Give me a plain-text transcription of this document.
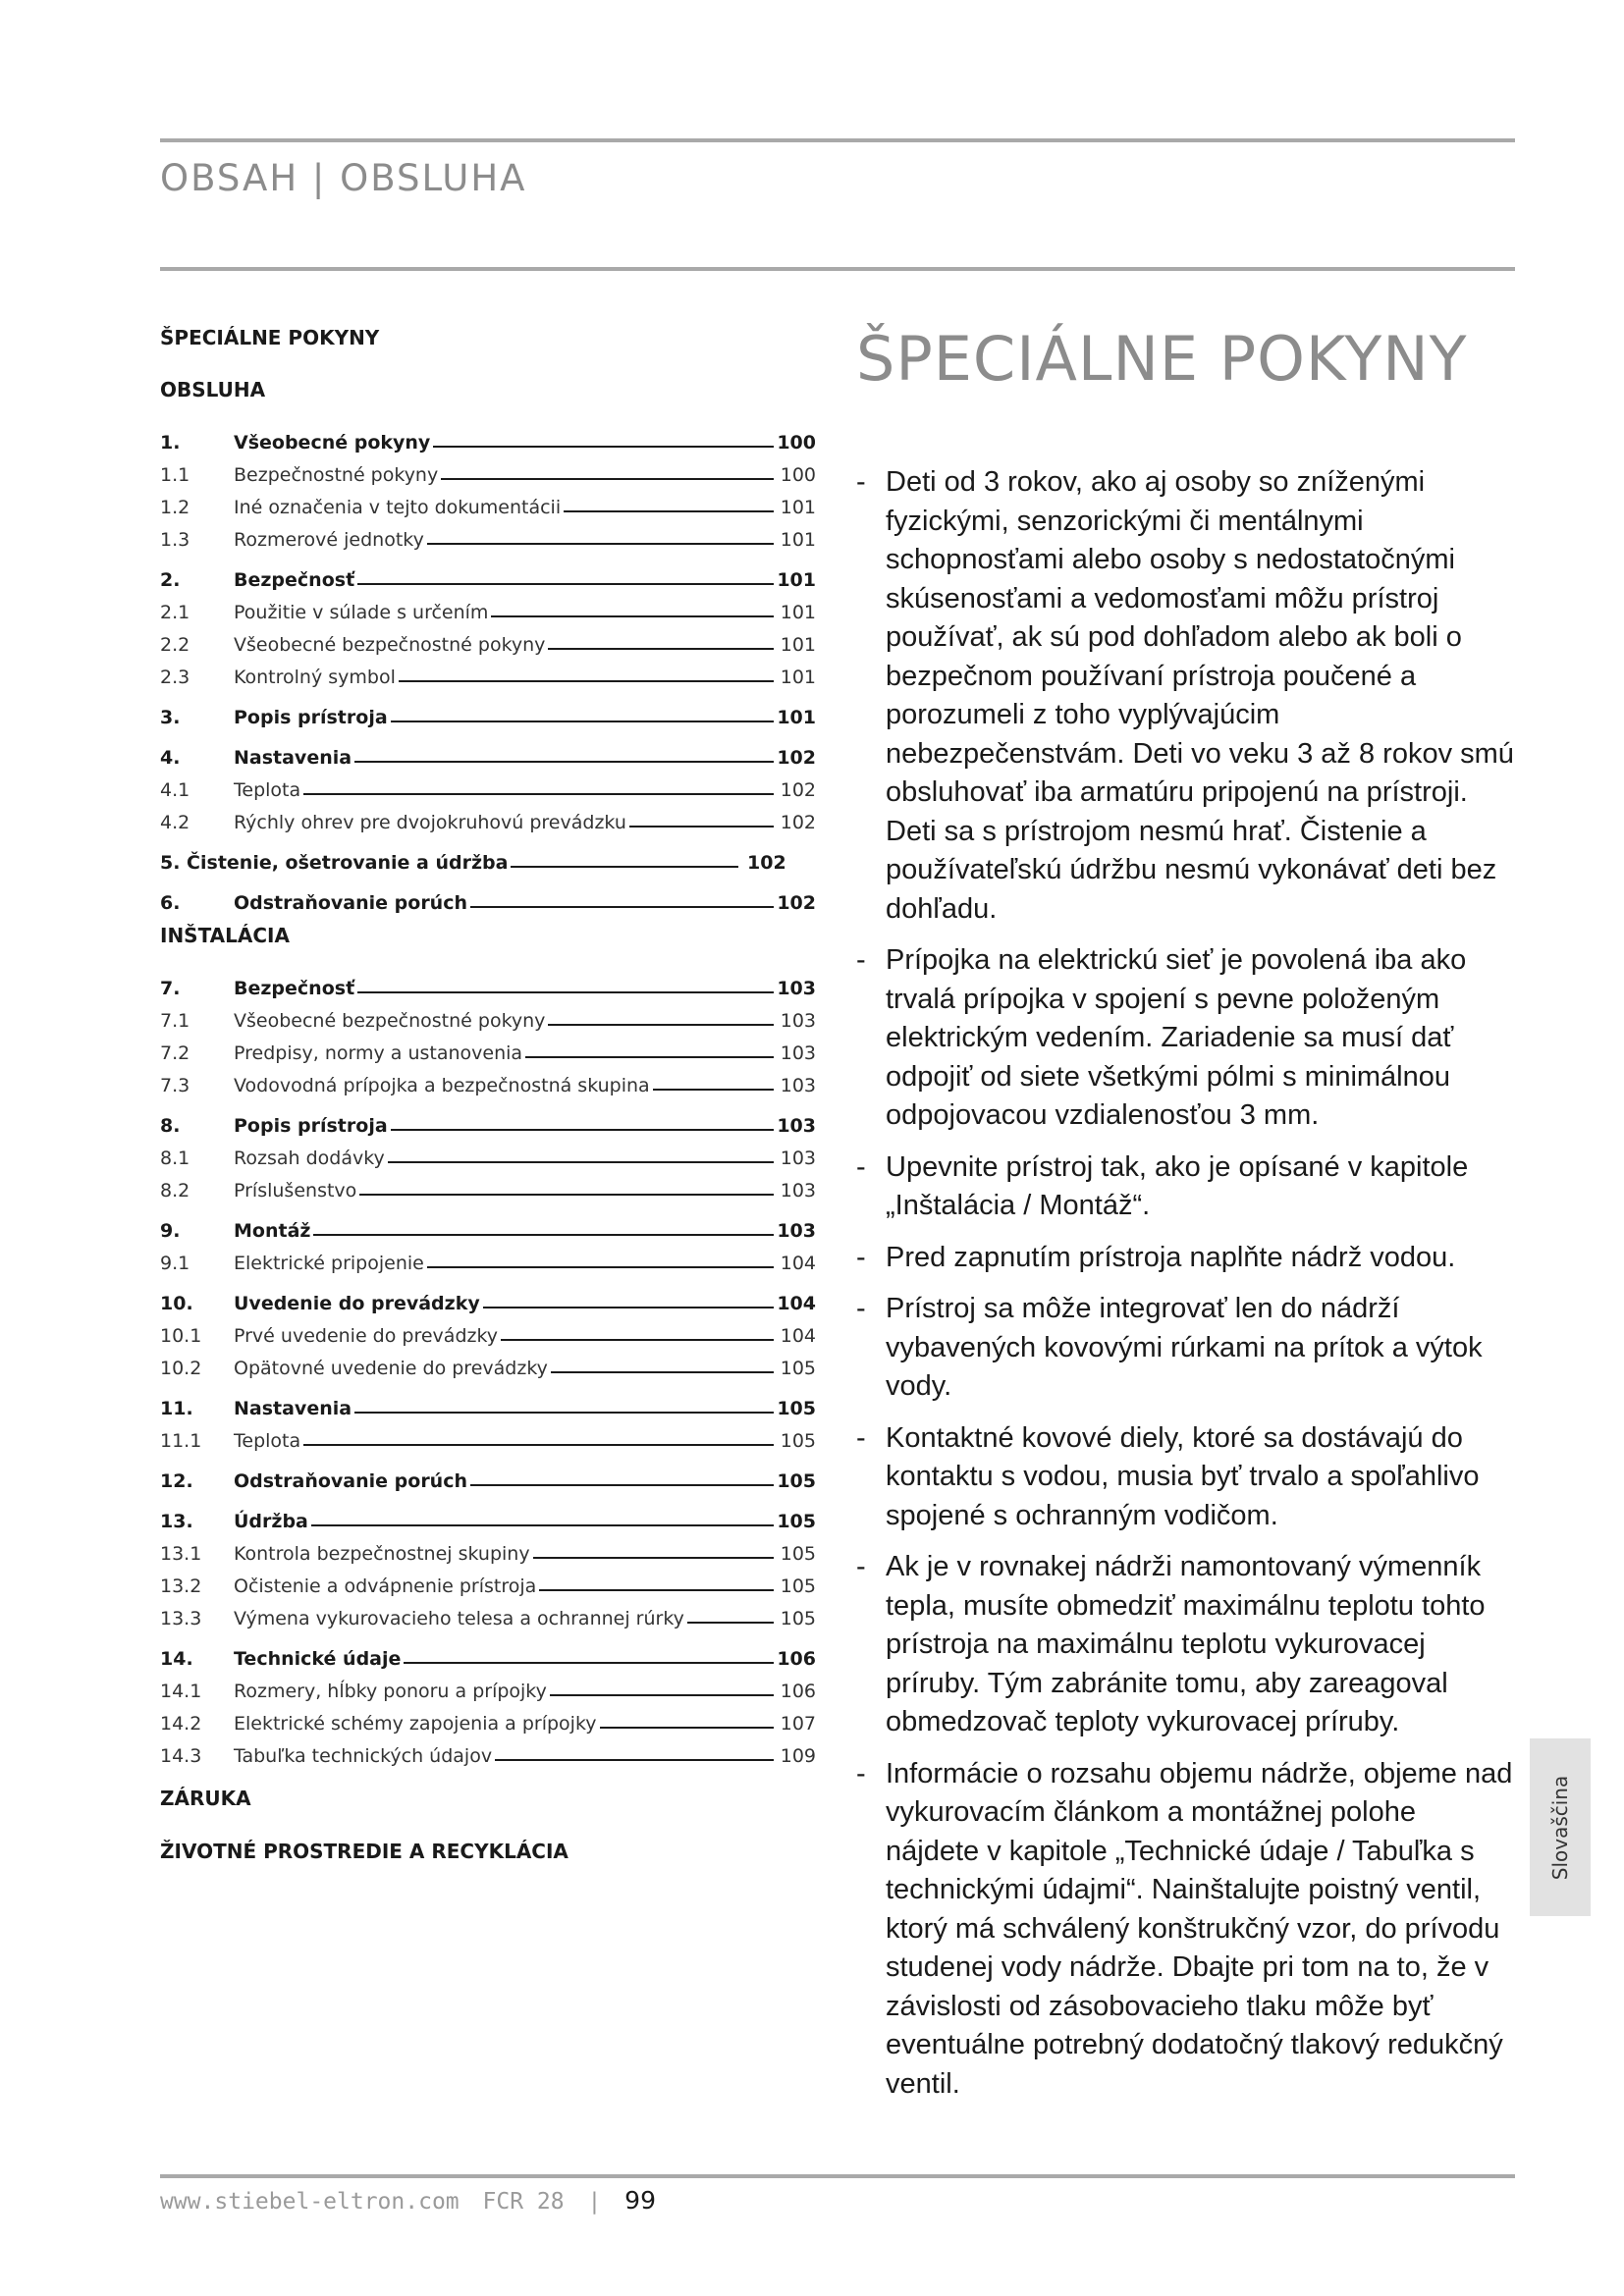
OBSAH | OBSLUHA
ŠPECIÁLNE POKYNY
OBSLUHA
1.	Všeobecné pokyny	100
1.1	Bezpečnostné pokyny	100
1.2	Iné označenia v tejto dokumentácii	101
1.3	Rozmerové jednotky	101
2.	Bezpečnosť	101
2.1	Použitie v súlade s určením	101
2.2	Všeobecné bezpečnostné pokyny	101
2.3	Kontrolný symbol	101
3.	Popis prístroja	101
4.	Nastavenia	102
4.1	Teplota	102
4.2	Rýchly ohrev pre dvojokruhovú prevádzku	102
5. Čistenie, ošetrovanie a údržba	102
6.	Odstraňovanie porúch	102
INŠTALÁCIA
7.	Bezpečnosť	103
7.1	Všeobecné bezpečnostné pokyny	103
7.2	Predpisy, normy a ustanovenia	103
7.3	Vodovodná prípojka a bezpečnostná skupina	103
8.	Popis prístroja	103
8.1	Rozsah dodávky	103
8.2	Príslušenstvo	103
9.	Montáž	103
9.1	Elektrické pripojenie	104
10.	Uvedenie do prevádzky	104
10.1	Prvé uvedenie do prevádzky	104
10.2	Opätovné uvedenie do prevádzky	105
11.	Nastavenia	105
11.1	Teplota	105
12.	Odstraňovanie porúch	105
13.	Údržba	105
13.1	Kontrola bezpečnostnej skupiny	105
13.2	Očistenie a odvápnenie prístroja	105
13.3	Výmena vykurovacieho telesa a ochrannej rúrky	105
14.	Technické údaje	106
14.1	Rozmery, hĺbky ponoru a prípojky	106
14.2	Elektrické schémy zapojenia a prípojky	107
14.3	Tabuľka technických údajov	109
ZÁRUKA
ŽIVOTNÉ PROSTREDIE A RECYKLÁCIA
ŠPECIÁLNE POKYNY
- Deti od 3 rokov, ako aj osoby so zníženými fyzickými, senzorickými či mentálnymi schopnosťami alebo osoby s nedostatočnými skúsenosťami a vedomosťami môžu prístroj používať, ak sú pod dohľadom alebo ak boli o bezpečnom používaní prístroja poučené a porozumeli z toho vyplývajúcim nebezpečenstvám. Deti vo veku 3 až 8 rokov smú obsluhovať iba armatúru pripojenú na prístroji. Deti sa s prístrojom nesmú hrať. Čistenie a používateľskú údržbu nesmú vykonávať deti bez dohľadu.
- Prípojka na elektrickú sieť je povolená iba ako trvalá prípojka v spojení s pevne položeným elektrickým vedením. Zariadenie sa musí dať odpojiť od siete všetkými pólmi s minimálnou odpojovacou vzdialenosťou 3 mm.
- Upevnite prístroj tak, ako je opísané v kapitole „Inštalácia / Montáž“.
- Pred zapnutím prístroja naplňte nádrž vodou.
- Prístroj sa môže integrovať len do nádrží vybavených kovovými rúrkami na prítok a výtok vody.
- Kontaktné kovové diely, ktoré sa dostávajú do kontaktu s vodou, musia byť trvalo a spoľahlivo spojené s ochranným vodičom.
- Ak je v rovnakej nádrži namontovaný výmenník tepla, musíte obmedziť maximálnu teplotu tohto prístroja na maximálnu teplotu vykurovacej príruby. Tým zabránite tomu, aby zareagoval obmedzovač teploty vykurovacej príruby.
- Informácie o rozsahu objemu nádrže, objeme nad vykurovacím článkom a montážnej polohe nájdete v kapitole „Technické údaje / Tabuľka s technickými údajmi“. Nainštalujte poistný ventil, ktorý má schválený konštrukčný vzor, do prívodu studenej vody nádrže. Dbajte pri tom na to, že v závislosti od zásobovacieho tlaku môže byť eventuálne potrebný dodatočný tlakový redukčný ventil.
Slovaščina
www.stiebel-eltron.com FCR 28 | 99
